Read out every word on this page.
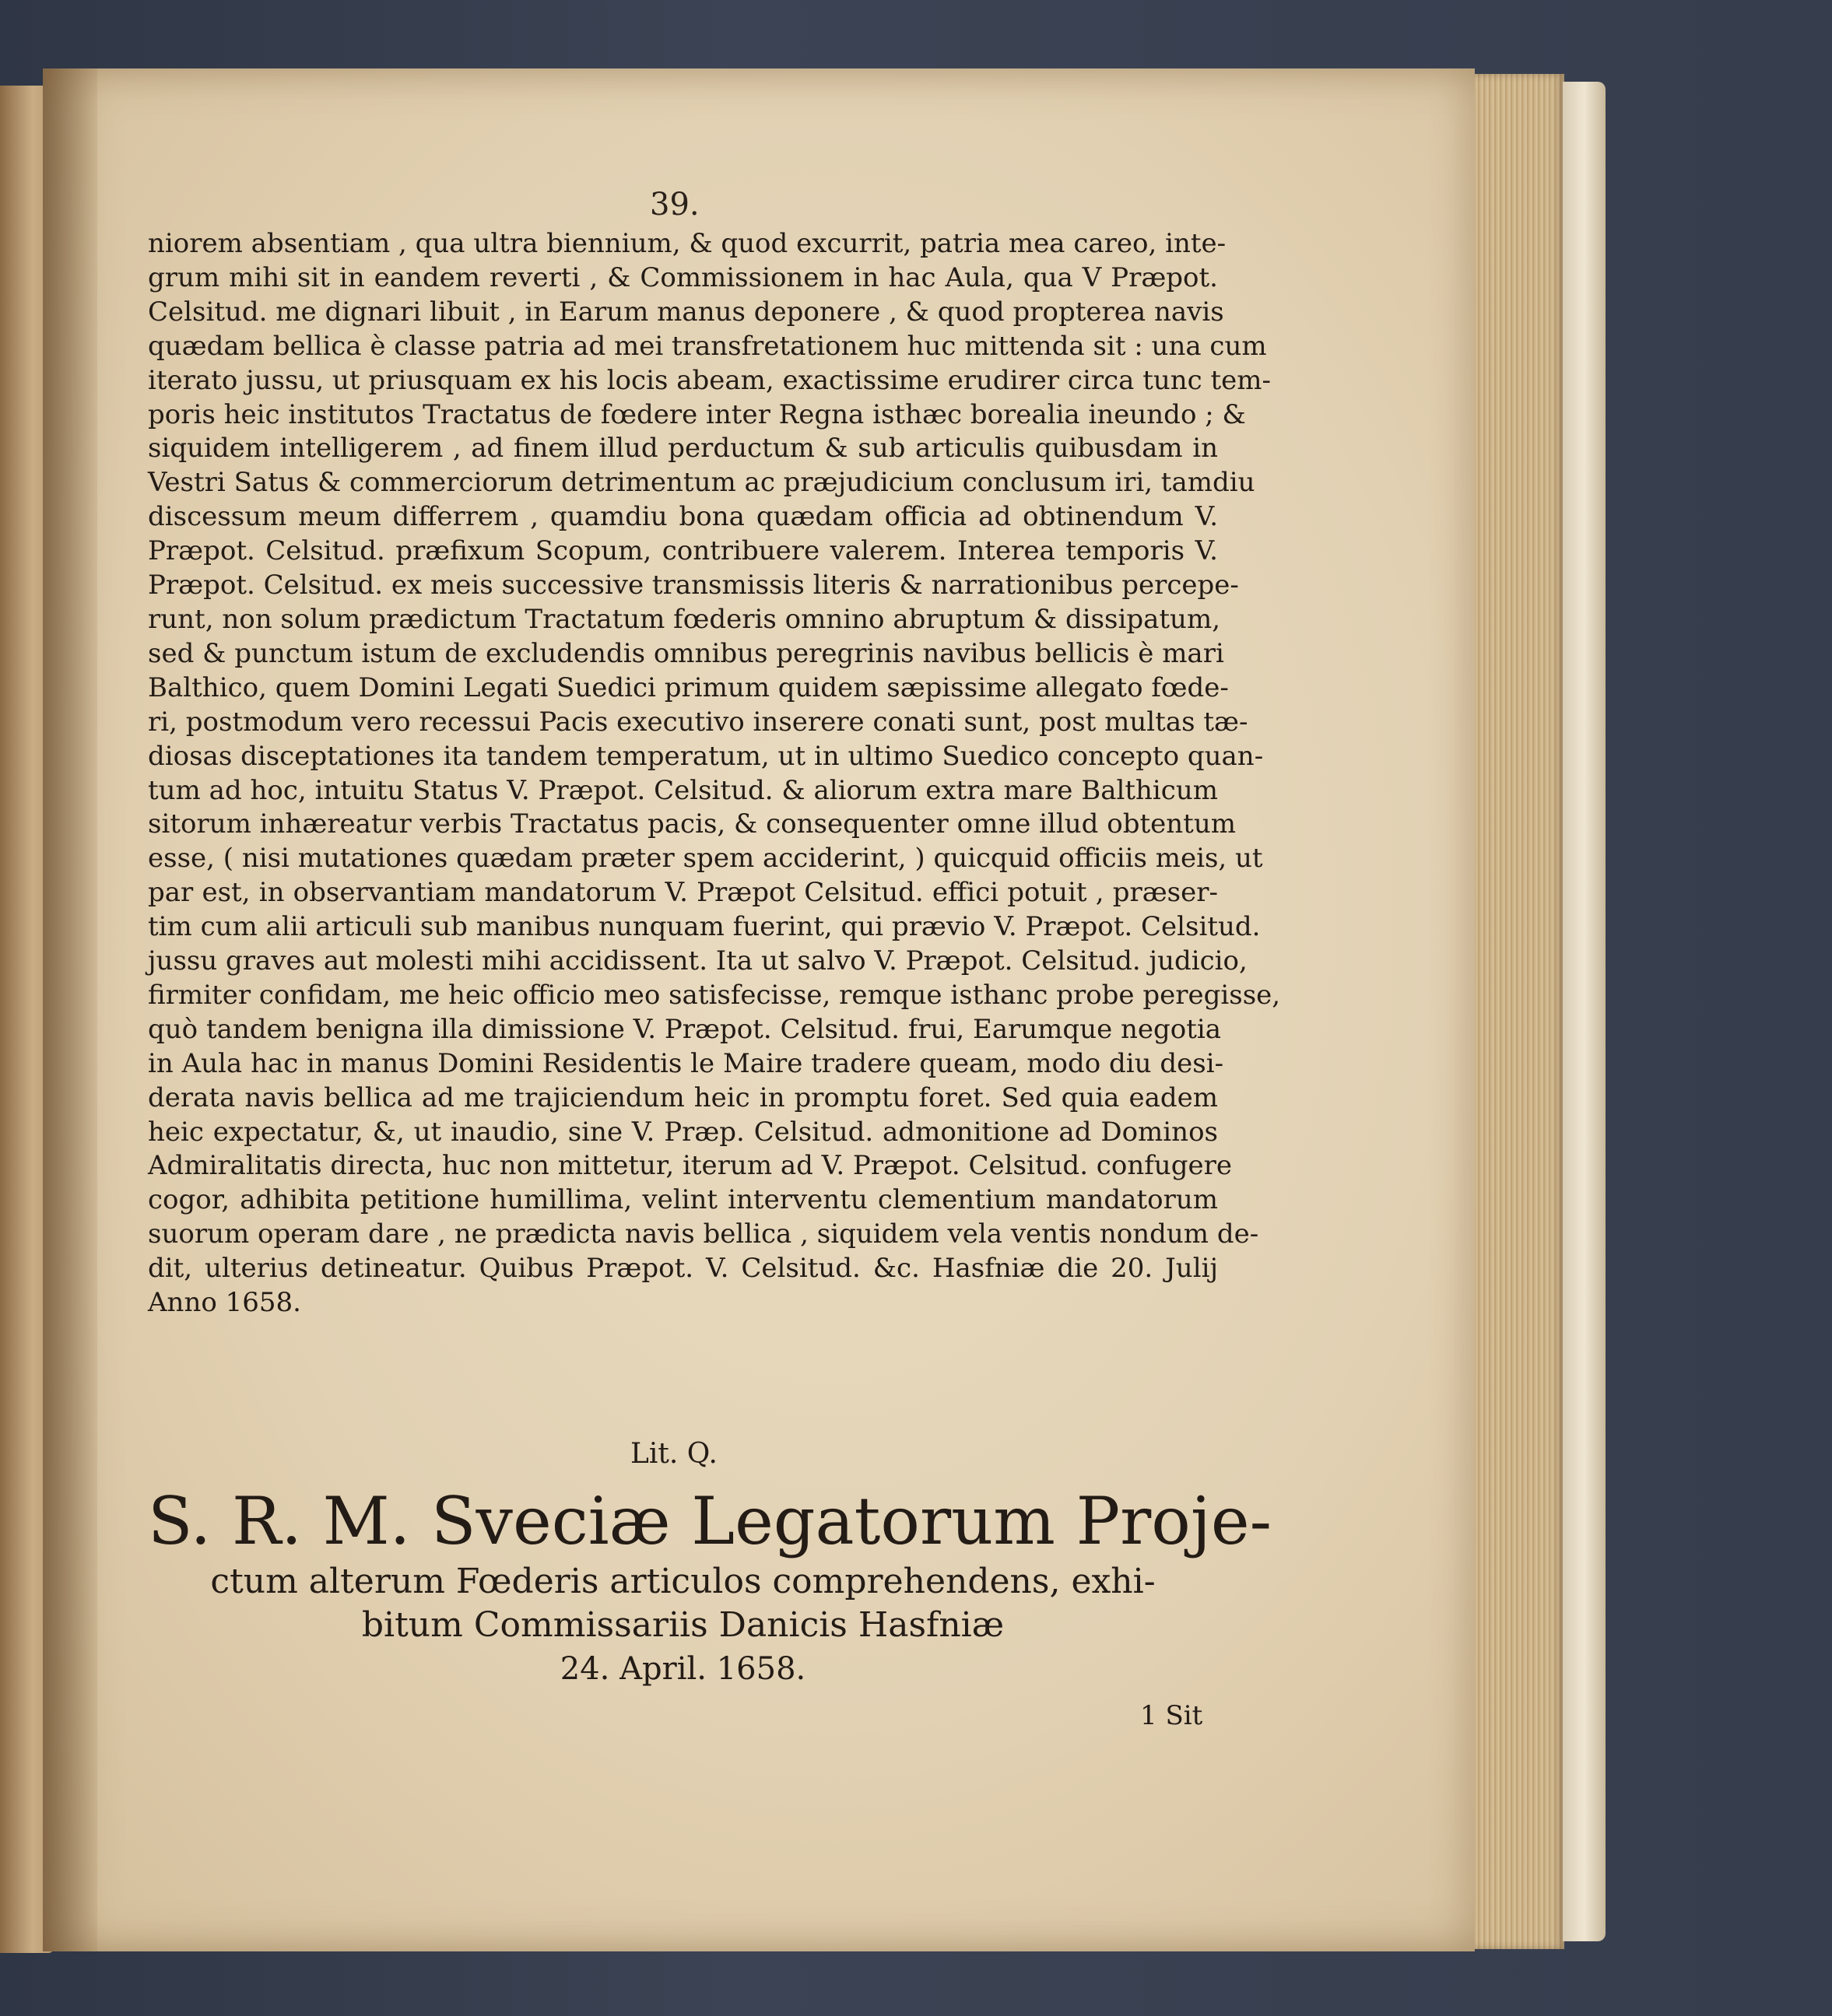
39.
niorem absentiam , qua ultra biennium, & quod excurrit, patria mea careo, inte-
grum mihi sit in eandem reverti , & Commissionem in hac Aula, qua V Præpot.
Celsitud. me dignari libuit , in Earum manus deponere , & quod propterea navis
quædam bellica è classe patria ad mei transfretationem huc mittenda sit : una cum
iterato jussu, ut priusquam ex his locis abeam, exactissime erudirer circa tunc tem-
poris heic institutos Tractatus de fœdere inter Regna isthæc borealia ineundo ; &
siquidem intelligerem , ad finem illud perductum & sub articulis quibusdam in
Vestri Satus & commerciorum detrimentum ac præjudicium conclusum iri, tamdiu
discessum meum differrem , quamdiu bona quædam officia ad obtinendum V.
Præpot. Celsitud. præfixum Scopum, contribuere valerem. Interea temporis V.
Præpot. Celsitud. ex meis successive transmissis literis & narrationibus percepe-
runt, non solum prædictum Tractatum fœderis omnino abruptum & dissipatum,
sed & punctum istum de excludendis omnibus peregrinis navibus bellicis è mari
Balthico, quem Domini Legati Suedici primum quidem sæpissime allegato fœde-
ri, postmodum vero recessui Pacis executivo inserere conati sunt, post multas tæ-
diosas disceptationes ita tandem temperatum, ut in ultimo Suedico concepto quan-
tum ad hoc, intuitu Status V. Præpot. Celsitud. & aliorum extra mare Balthicum
sitorum inhæreatur verbis Tractatus pacis, & consequenter omne illud obtentum
esse, ( nisi mutationes quædam præter spem acciderint, ) quicquid officiis meis, ut
par est, in observantiam mandatorum V. Præpot Celsitud. effici potuit , præser-
tim cum alii articuli sub manibus nunquam fuerint, qui prævio V. Præpot. Celsitud.
jussu graves aut molesti mihi accidissent. Ita ut salvo V. Præpot. Celsitud. judicio,
firmiter confidam, me heic officio meo satisfecisse, remque isthanc probe peregisse,
quò tandem benigna illa dimissione V. Præpot. Celsitud. frui, Earumque negotia
in Aula hac in manus Domini Residentis le Maire tradere queam, modo diu desi-
derata navis bellica ad me trajiciendum heic in promptu foret. Sed quia eadem
heic expectatur, &, ut inaudio, sine V. Præp. Celsitud. admonitione ad Dominos
Admiralitatis directa, huc non mittetur, iterum ad V. Præpot. Celsitud. confugere
cogor, adhibita petitione humillima, velint interventu clementium mandatorum
suorum operam dare , ne prædicta navis bellica , siquidem vela ventis nondum de-
dit, ulterius detineatur. Quibus Præpot. V. Celsitud. &c. Hasfniæ die 20. Julij
Anno 1658.
Lit. Q.
S. R. M. Sveciæ Legatorum Proje-
ctum alterum Fœderis articulos comprehendens, exhi-
bitum Commissariis Danicis Hasfniæ
24. April. 1658.
1 Sit
